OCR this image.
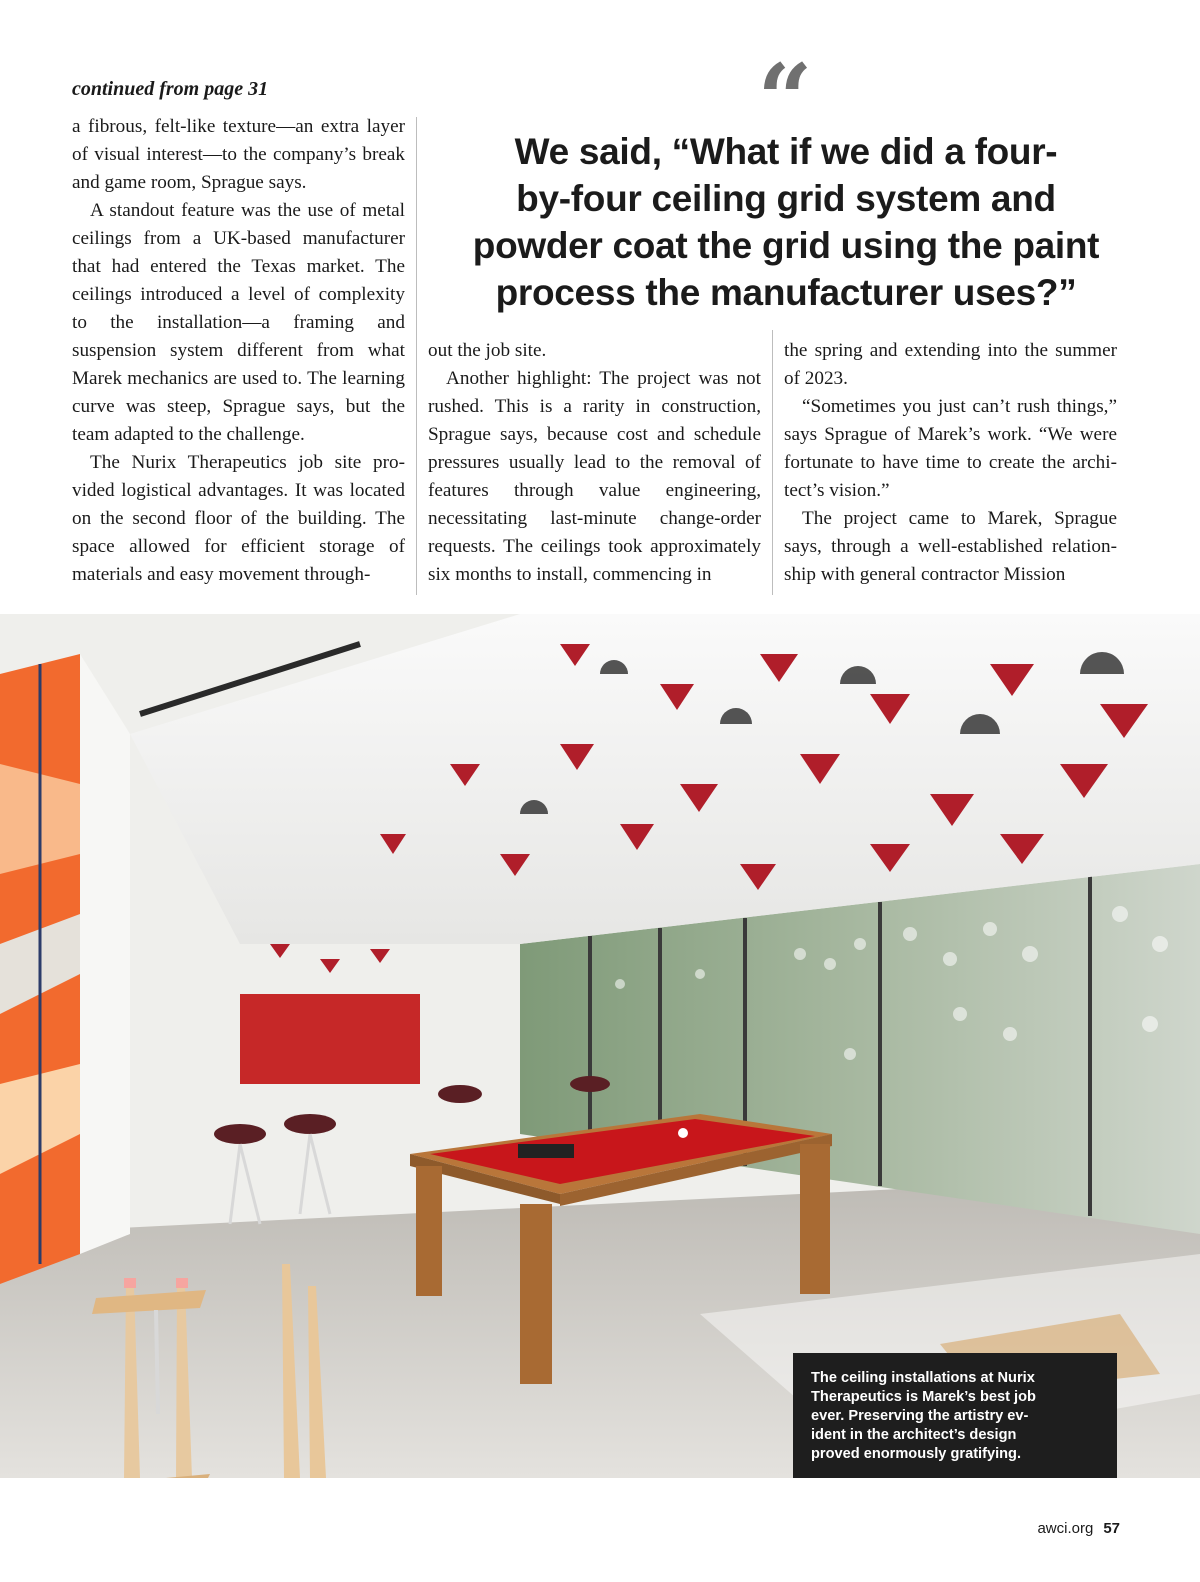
continued from page 31

a fibrous, felt-like texture—an extra layer of visual interest—to the company’s break and game room, Sprague says.

A standout feature was the use of metal ceilings from a UK-based manufacturer that had entered the Texas market. The ceilings introduced a level of complexity to the installation—a framing and suspension system different from what Marek mechanics are used to. The learning curve was steep, Sprague says, but the team adapted to the challenge.

The Nurix Therapeutics job site provided logistical advantages. It was located on the second floor of the building. The space allowed for efficient storage of materials and easy movement through-

“
We said, “What if we did a four-
by-four ceiling grid system and
powder coat the grid using the paint
process the manufacturer uses?”

out the job site.

Another highlight: The project was not rushed. This is a rarity in construction, Sprague says, because cost and schedule pressures usually lead to the removal of features through value engineering, necessitating last-minute change-order requests. The ceilings took approximately six months to install, commencing in

the spring and extending into the summer of 2023.

“Sometimes you just can’t rush things,” says Sprague of Marek’s work. “We were fortunate to have time to create the architect’s vision.”

The project came to Marek, Sprague says, through a well-established relationship with general contractor Mission

The ceiling installations at Nurix
Therapeutics is Marek’s best job
ever. Preserving the artistry ev-
ident in the architect’s design
proved enormously gratifying.
awci.org 57
